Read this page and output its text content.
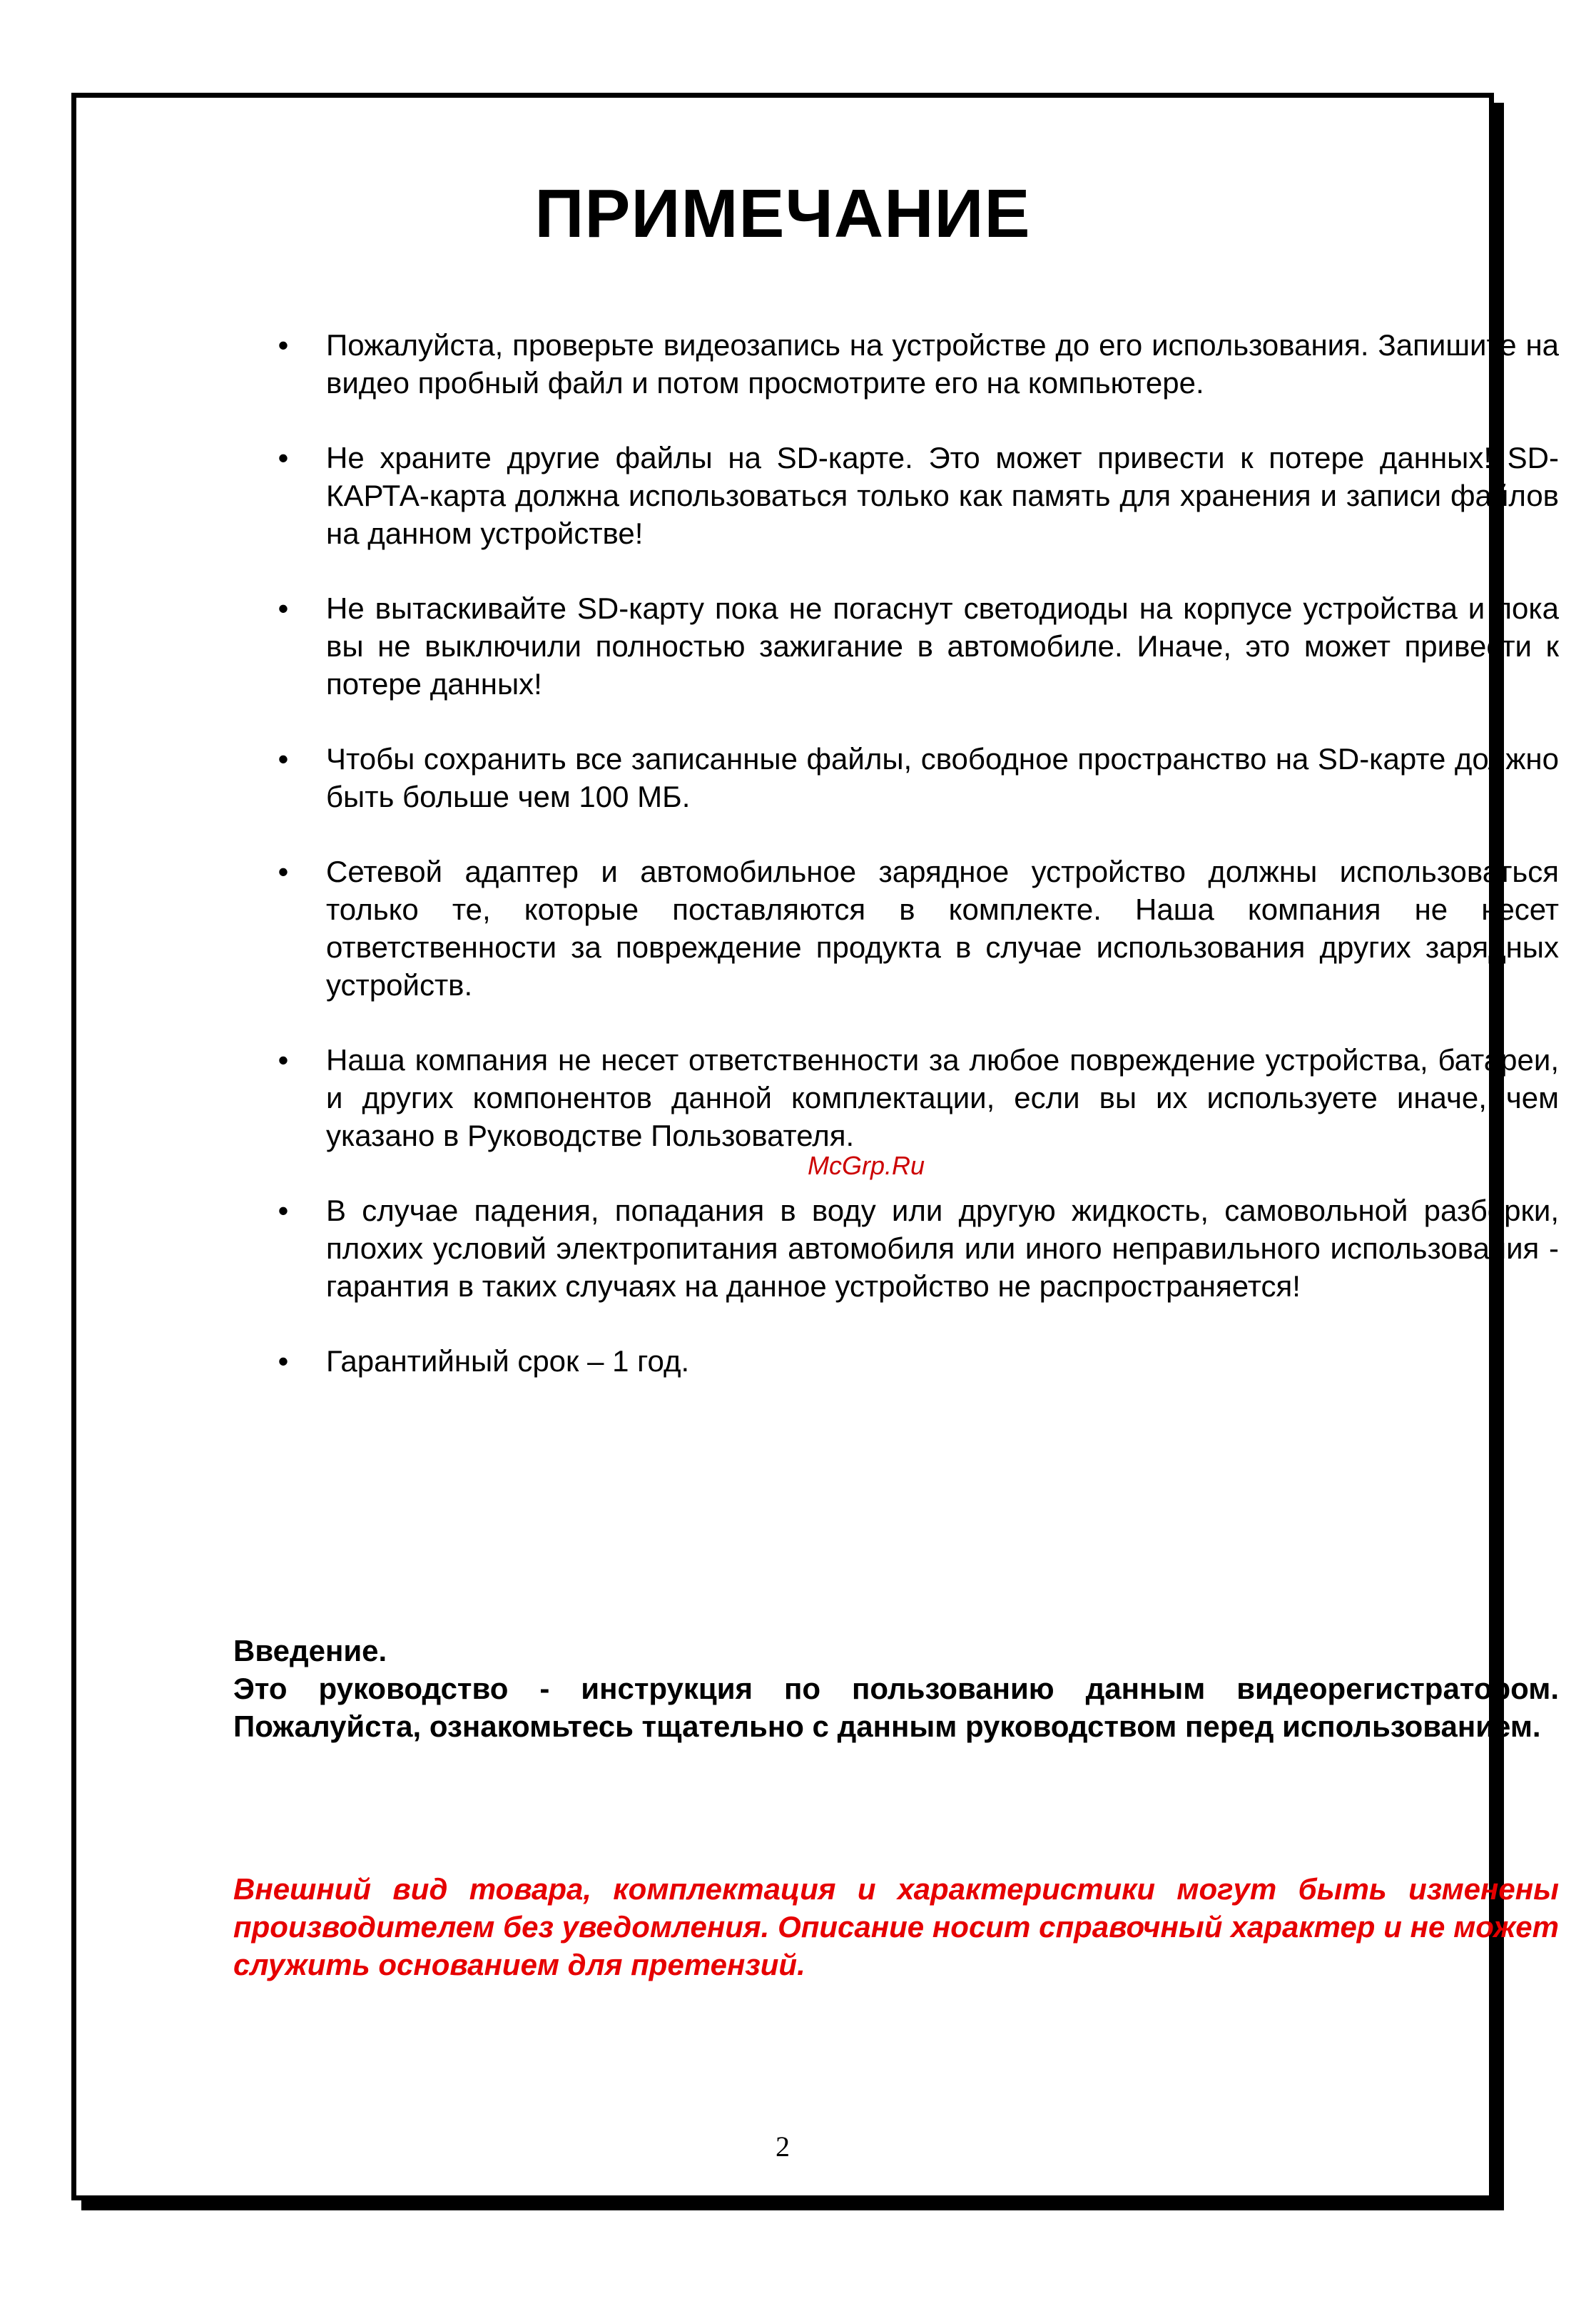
ПРИМЕЧАНИЕ
•	Пожалуйста, проверьте видеозапись на устройстве до его использования. Запишите на видео пробный файл и потом просмотрите его на компьютере.
•	Не храните другие файлы на SD-карте. Это может привести к потере данных! SD-КАРТА-карта должна использоваться только как память для хранения и записи файлов на данном устройстве!
•	Не вытаскивайте SD-карту пока не погаснут светодиоды на корпусе устройства и пока вы не выключили полностью зажигание в автомобиле. Иначе, это может привести к потере данных!
•	Чтобы сохранить все записанные файлы, свободное пространство на SD-карте должно быть больше чем 100 МБ.
•	Сетевой адаптер и автомобильное зарядное устройство должны использоваться только те, которые поставляются в комплекте. Наша компания не несет ответственности за повреждение продукта в случае использования других зарядных устройств.
•	Наша компания не несет ответственности за любое повреждение устройства, батареи, и других компонентов данной комплектации, если вы их используете иначе, чем указано в Руководстве Пользователя.
•	В случае падения, попадания в воду или другую жидкость, самовольной разборки, плохих условий электропитания автомобиля или иного неправильного использования - гарантия в таких случаях на данное устройство не распространяется!
•	Гарантийный срок – 1 год.
McGrp.Ru

Введение.

Это руководство - инструкция по пользованию данным видеорегистратором. Пожалуйста, ознакомьтесь тщательно с данным руководством перед использованием.

Внешний вид товара, комплектация и характеристики могут быть изменены производителем без уведомления. Описание носит справочный характер и не может служить основанием для претензий.

2
